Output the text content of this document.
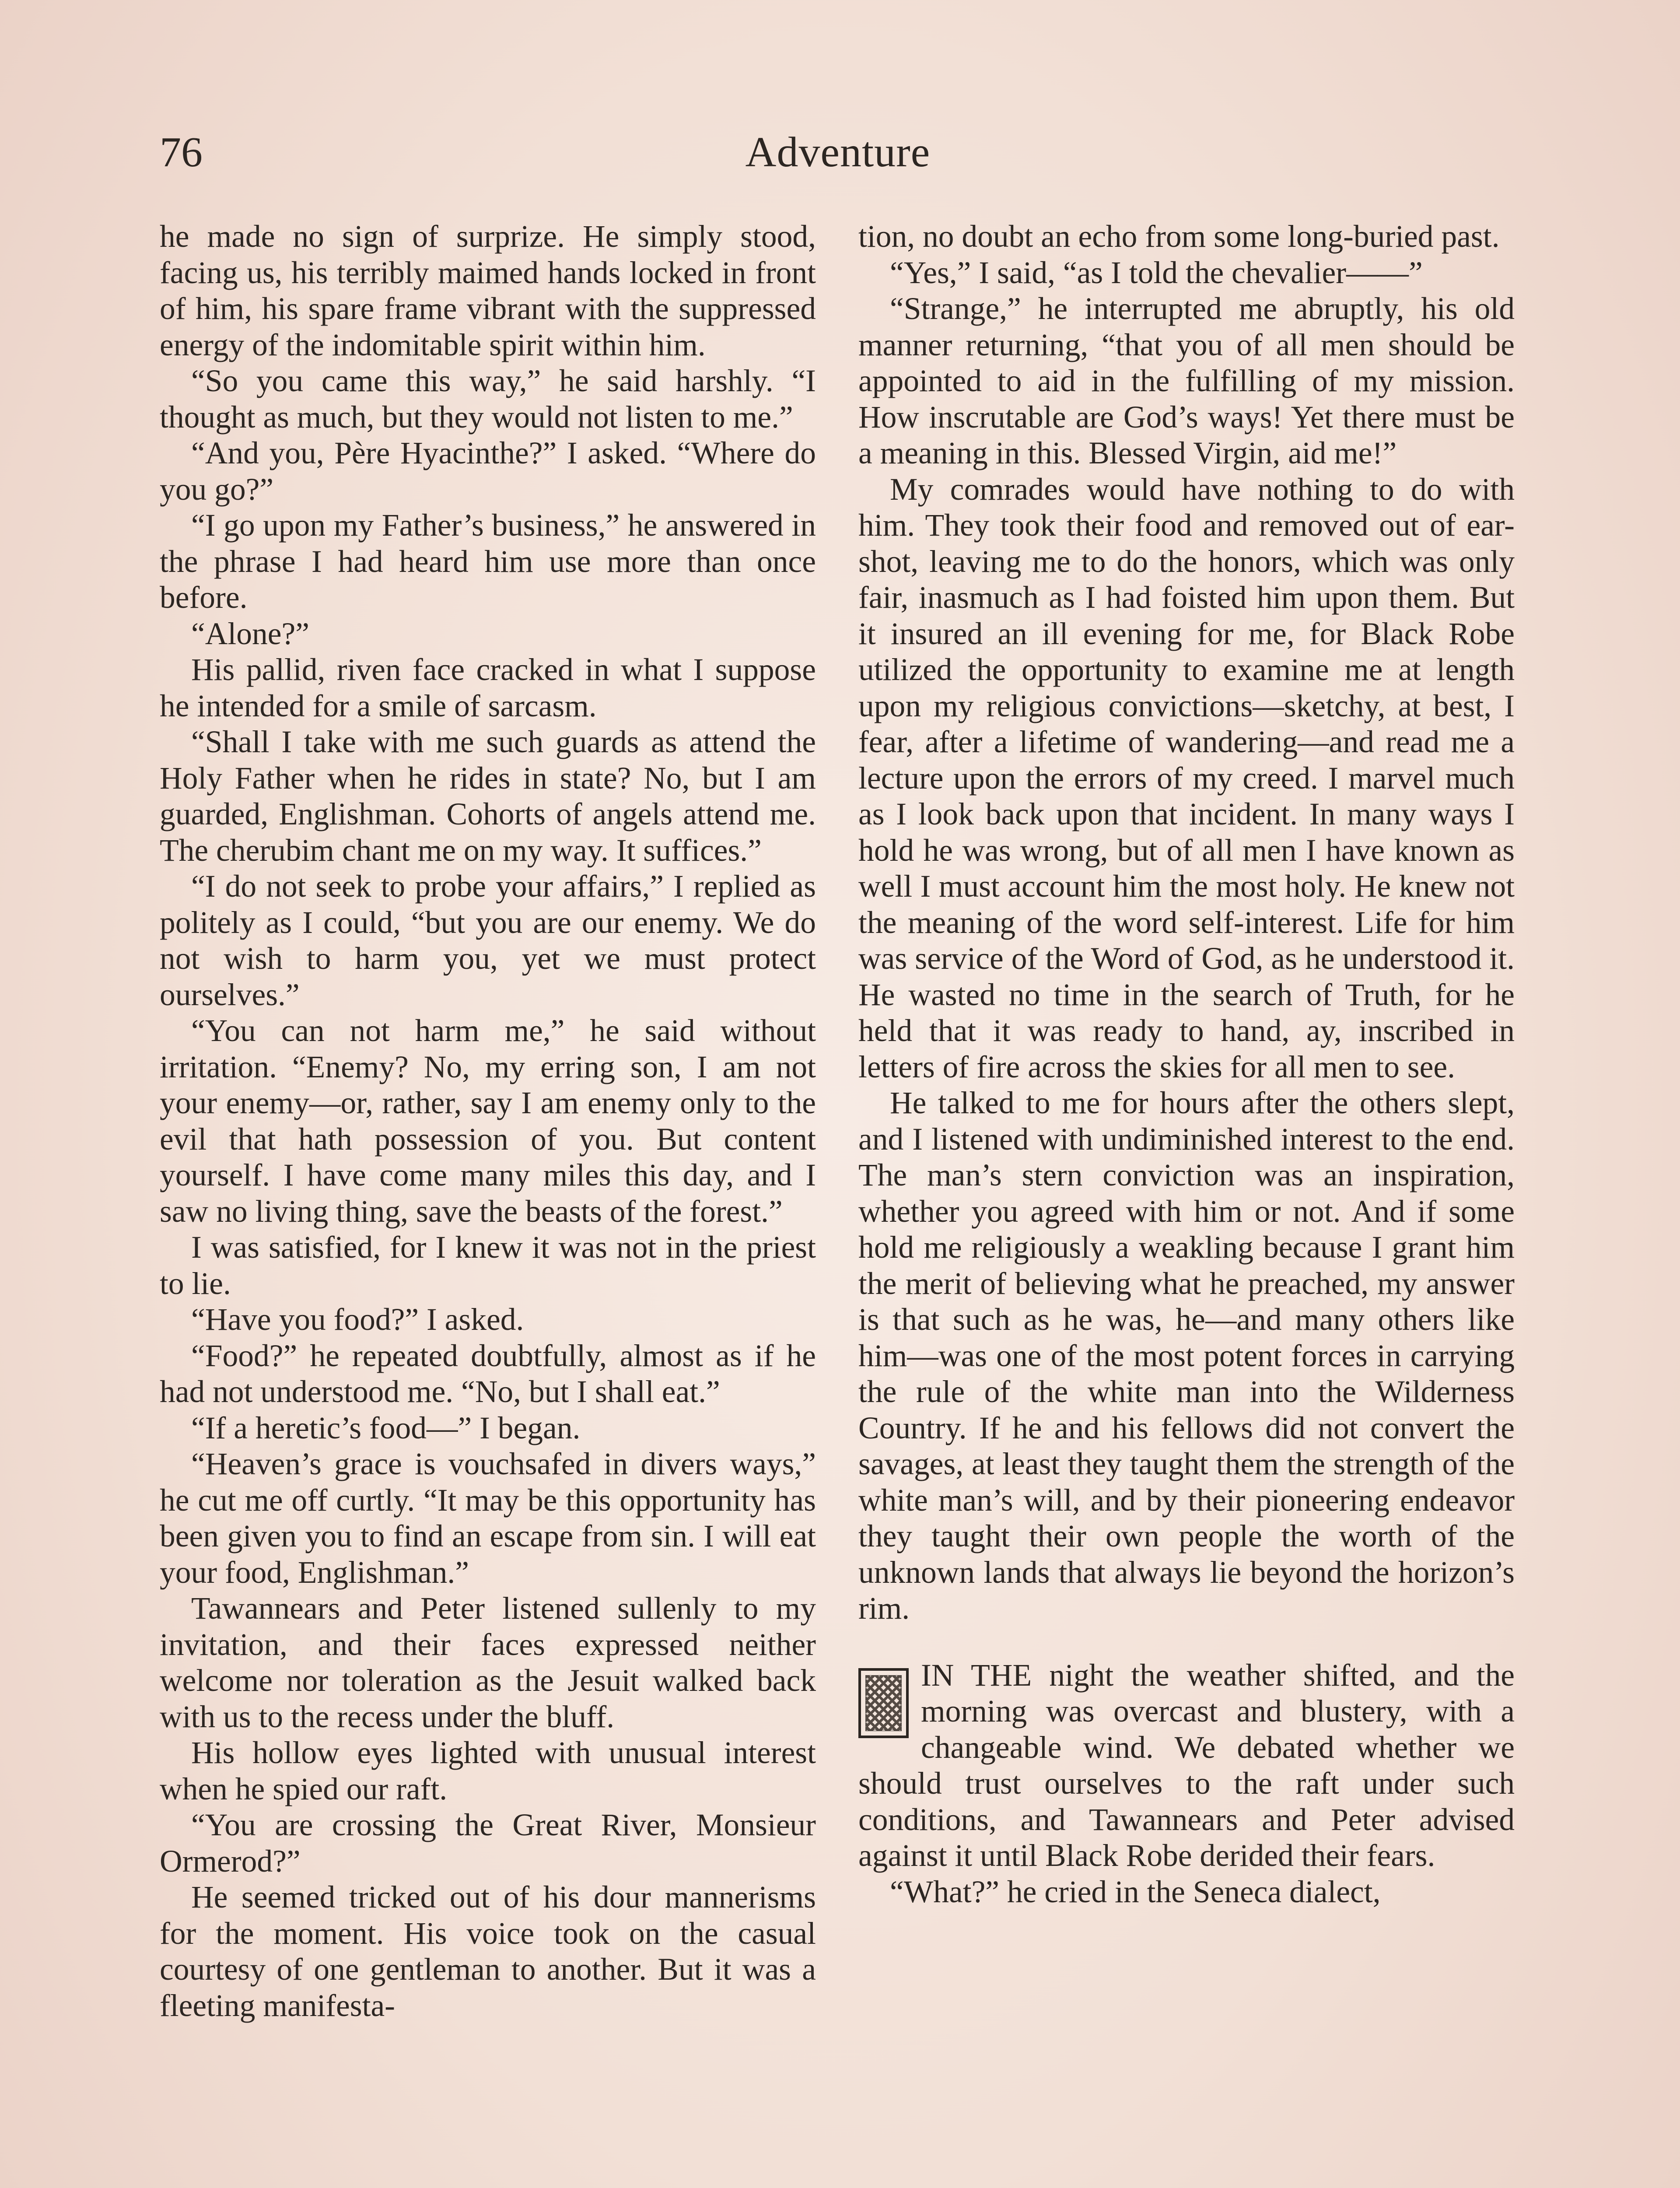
76	Adventure

he made no sign of surprize. He simply stood, facing us, his terribly maimed hands locked in front of him, his spare frame vibrant with the suppressed energy of the indomitable spirit within him.

“So you came this way,” he said harshly. “I thought as much, but they would not listen to me.”

“And you, Père Hyacinthe?” I asked. “Where do you go?”

“I go upon my Father’s business,” he answered in the phrase I had heard him use more than once before.

“Alone?”

His pallid, riven face cracked in what I suppose he intended for a smile of sarcasm.

“Shall I take with me such guards as attend the Holy Father when he rides in state? No, but I am guarded, Englishman. Cohorts of angels attend me. The cherubim chant me on my way. It suffices.”

“I do not seek to probe your affairs,” I replied as politely as I could, “but you are our enemy. We do not wish to harm you, yet we must protect ourselves.”

“You can not harm me,” he said without irritation. “Enemy? No, my erring son, I am not your enemy—or, rather, say I am enemy only to the evil that hath possession of you. But content yourself. I have come many miles this day, and I saw no living thing, save the beasts of the forest.”

I was satisfied, for I knew it was not in the priest to lie.

“Have you food?” I asked.

“Food?” he repeated doubtfully, almost as if he had not understood me. “No, but I shall eat.”

“If a heretic’s food—” I began.

“Heaven’s grace is vouchsafed in divers ways,” he cut me off curtly. “It may be this opportunity has been given you to find an escape from sin. I will eat your food, Englishman.”

Tawannears and Peter listened sullenly to my invitation, and their faces expressed neither welcome nor toleration as the Jesuit walked back with us to the recess under the bluff.

His hollow eyes lighted with unusual interest when he spied our raft.

“You are crossing the Great River, Monsieur Ormerod?”

He seemed tricked out of his dour mannerisms for the moment. His voice took on the casual courtesy of one gentleman to another. But it was a fleeting manifesta-

tion, no doubt an echo from some long-buried past.

“Yes,” I said, “as I told the chevalier——”

“Strange,” he interrupted me abruptly, his old manner returning, “that you of all men should be appointed to aid in the fulfilling of my mission. How inscrutable are God’s ways! Yet there must be a meaning in this. Blessed Virgin, aid me!”

My comrades would have nothing to do with him. They took their food and removed out of ear-shot, leaving me to do the honors, which was only fair, inasmuch as I had foisted him upon them. But it insured an ill evening for me, for Black Robe utilized the opportunity to examine me at length upon my religious convictions—sketchy, at best, I fear, after a lifetime of wandering—and read me a lecture upon the errors of my creed. I marvel much as I look back upon that incident. In many ways I hold he was wrong, but of all men I have known as well I must account him the most holy. He knew not the meaning of the word self-interest. Life for him was service of the Word of God, as he understood it. He wasted no time in the search of Truth, for he held that it was ready to hand, ay, inscribed in letters of fire across the skies for all men to see.

He talked to me for hours after the others slept, and I listened with undiminished interest to the end. The man’s stern conviction was an inspiration, whether you agreed with him or not. And if some hold me religiously a weakling because I grant him the merit of believing what he preached, my answer is that such as he was, he—and many others like him—was one of the most potent forces in carrying the rule of the white man into the Wilderness Country. If he and his fellows did not convert the savages, at least they taught them the strength of the white man’s will, and by their pioneering endeavor they taught their own people the worth of the unknown lands that always lie beyond the horizon’s rim.

IN THE night the weather shifted, and the morning was overcast and blustery, with a changeable wind. We debated whether we should trust ourselves to the raft under such conditions, and Tawannears and Peter advised against it until Black Robe derided their fears.

“What?” he cried in the Seneca dialect,
